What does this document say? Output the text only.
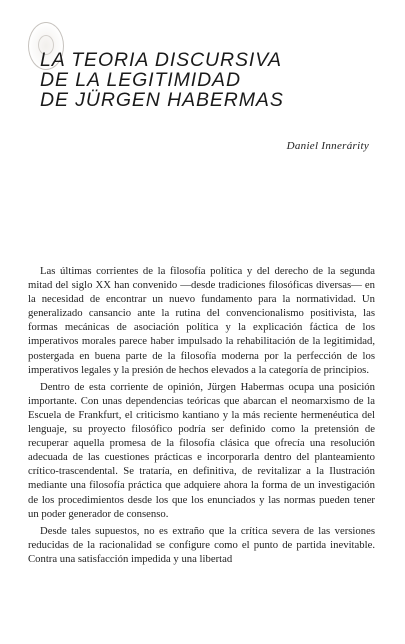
LA TEORIA DISCURSIVA
DE LA LEGITIMIDAD
DE JÜRGEN HABERMAS

Daniel Innerárity

Las últimas corrientes de la filosofía política y del derecho de la segunda mitad del siglo XX han convenido —desde tradiciones filosóficas diversas— en la necesidad de encontrar un nuevo fundamento para la normatividad. Un generalizado cansancio ante la rutina del convencionalismo positivista, las formas mecánicas de asociación política y la explicación fáctica de los imperativos morales parece haber impulsado la rehabilitación de la legitimidad, postergada en buena parte de la filosofía moderna por la perfección de los imperativos legales y la presión de hechos elevados a la categoría de principios.

Dentro de esta corriente de opinión, Jürgen Habermas ocupa una posición importante. Con unas dependencias teóricas que abarcan el neomarxismo de la Escuela de Frankfurt, el criticismo kantiano y la más reciente hermenéutica del lenguaje, su proyecto filosófico podría ser definido como la pretensión de recuperar aquella promesa de la filosofía clásica que ofrecía una resolución adecuada de las cuestiones prácticas e incorporarla dentro del planteamiento crítico-trascendental. Se trataría, en definitiva, de revitalizar a la Ilustración mediante una filosofía práctica que adquiere ahora la forma de un investigación de los procedimientos desde los que los enunciados y las normas pueden tener un poder generador de consenso.

Desde tales supuestos, no es extraño que la crítica severa de las versiones reducidas de la racionalidad se configure como el punto de partida inevitable. Contra una satisfacción impedida y una libertad
